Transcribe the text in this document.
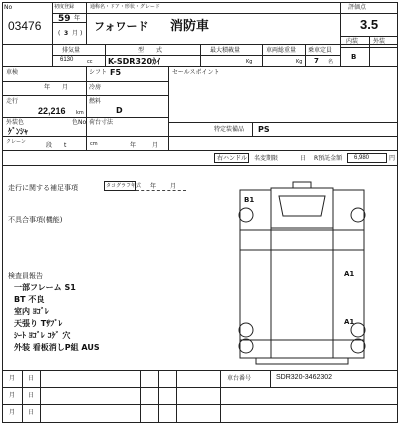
No
03476
初度登録
59 年
( 3 月 )
通称名・ドア・形状・グレード
フォワード 消防車
評価点
3.5
内装 外装
B
排気量
6130	cc
型　　式
K-SDR320ｶｲ
最大積載量
Kg
車両総重量
Kg
乗車定員
7 名
車検
年　　月
走行
22,216 km
外装色	色No
ｹﾞﾝｼｬ
クレーン	段　　t	年	月
シフト F5
冷房
燃料
D
荷台寸法
cm
セールスポイント
特定装備品 PS
右ハンドル 名変期限	日 R預託金額 6,980	円
走行に関する補足事項	タコグラフ年式 年 月
不具合事項(機能)
検査員報告
一部フレーム S1
BT 不良
室内 ﾖｺﾞﾚ
天張り Tｻﾌﾞﾚ
ｼｰﾄ ﾖｺﾞﾚ ｺｹﾞ 穴
外装 看板消しP組 AUS
B1
A1
A1
月 日
月 日
月 日
車台番号	SDR320-3462302
